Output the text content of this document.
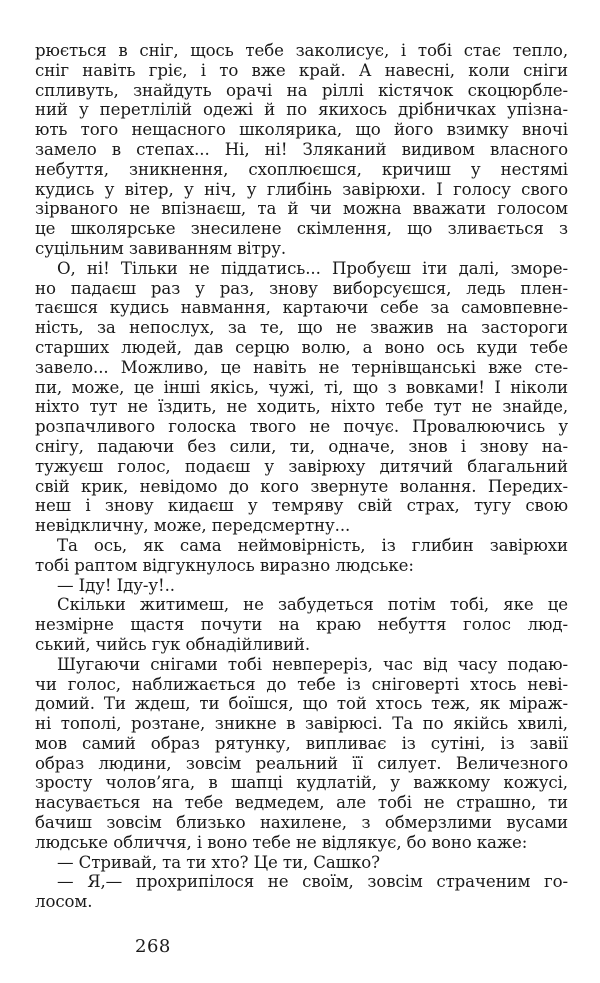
рюється в сніг, щось тебе заколисує, і тобі стає тепло,
сніг навіть гріє, і то вже край. А навесні, коли сніги
спливуть, знайдуть орачі на ріллі кістячок скоцюрбле-
ний у перетлілій одежі й по якихось дрібничках упізна-
ють того нещасного школярика, що його взимку вночі
замело в степах... Ні, ні! Зляканий видивом власного
небуття, зникнення, схоплюєшся, кричиш у нестямі
кудись у вітер, у ніч, у глибінь завірюхи. І голосу свого
зірваного не впізнаєш, та й чи можна вважати голосом
це школярське знесилене скімлення, що зливається з
суцільним завиванням вітру.
О, ні! Тільки не піддатись... Пробуєш іти далі, зморе-
но падаєш раз у раз, знову виборсуєшся, ледь плен-
таєшся кудись навмання, картаючи себе за самовпевне-
ність, за непослух, за те, що не зважив на застороги
старших людей, дав серцю волю, а воно ось куди тебе
завело... Можливо, це навіть не тернівщанські вже сте-
пи, може, це інші якісь, чужі, ті, що з вовками! І ніколи
ніхто тут не їздить, не ходить, ніхто тебе тут не знайде,
розпачливого голоска твого не почує. Провалюючись у
снігу, падаючи без сили, ти, одначе, знов і знову на-
тужуєш голос, подаєш у завірюху дитячий благальний
свій крик, невідомо до кого звернуте волання. Передих-
неш і знову кидаєш у темряву свій страх, тугу свою
невідкличну, може, передсмертну...
Та ось, як сама неймовірність, із глибин завірюхи
тобі раптом відгукнулось виразно людське:
— Іду! Іду-у!..
Скільки житимеш, не забудеться потім тобі, яке це
незмірне щастя почути на краю небуття голос люд-
ський, чийсь гук обнадійливий.
Шугаючи снігами тобі невпереріз, час від часу подаю-
чи голос, наближається до тебе із сніговерті хтось неві-
домий. Ти ждеш, ти боїшся, що той хтось теж, як міраж-
ні тополі, розтане, зникне в завірюсі. Та по якійсь хвилі,
мов самий образ рятунку, випливає із сутіні, із завії
образ людини, зовсім реальний її силует. Величезного
зросту чолов’яга, в шапці кудлатій, у важкому кожусі,
насувається на тебе ведмедем, але тобі не страшно, ти
бачиш зовсім близько нахилене, з обмерзлими вусами
людське обличчя, і воно тебе не відлякує, бо воно каже:
— Стривай, та ти хто? Це ти, Сашко?
— Я,— прохрипілося не своїм, зовсім страченим го-
лосом.
268
